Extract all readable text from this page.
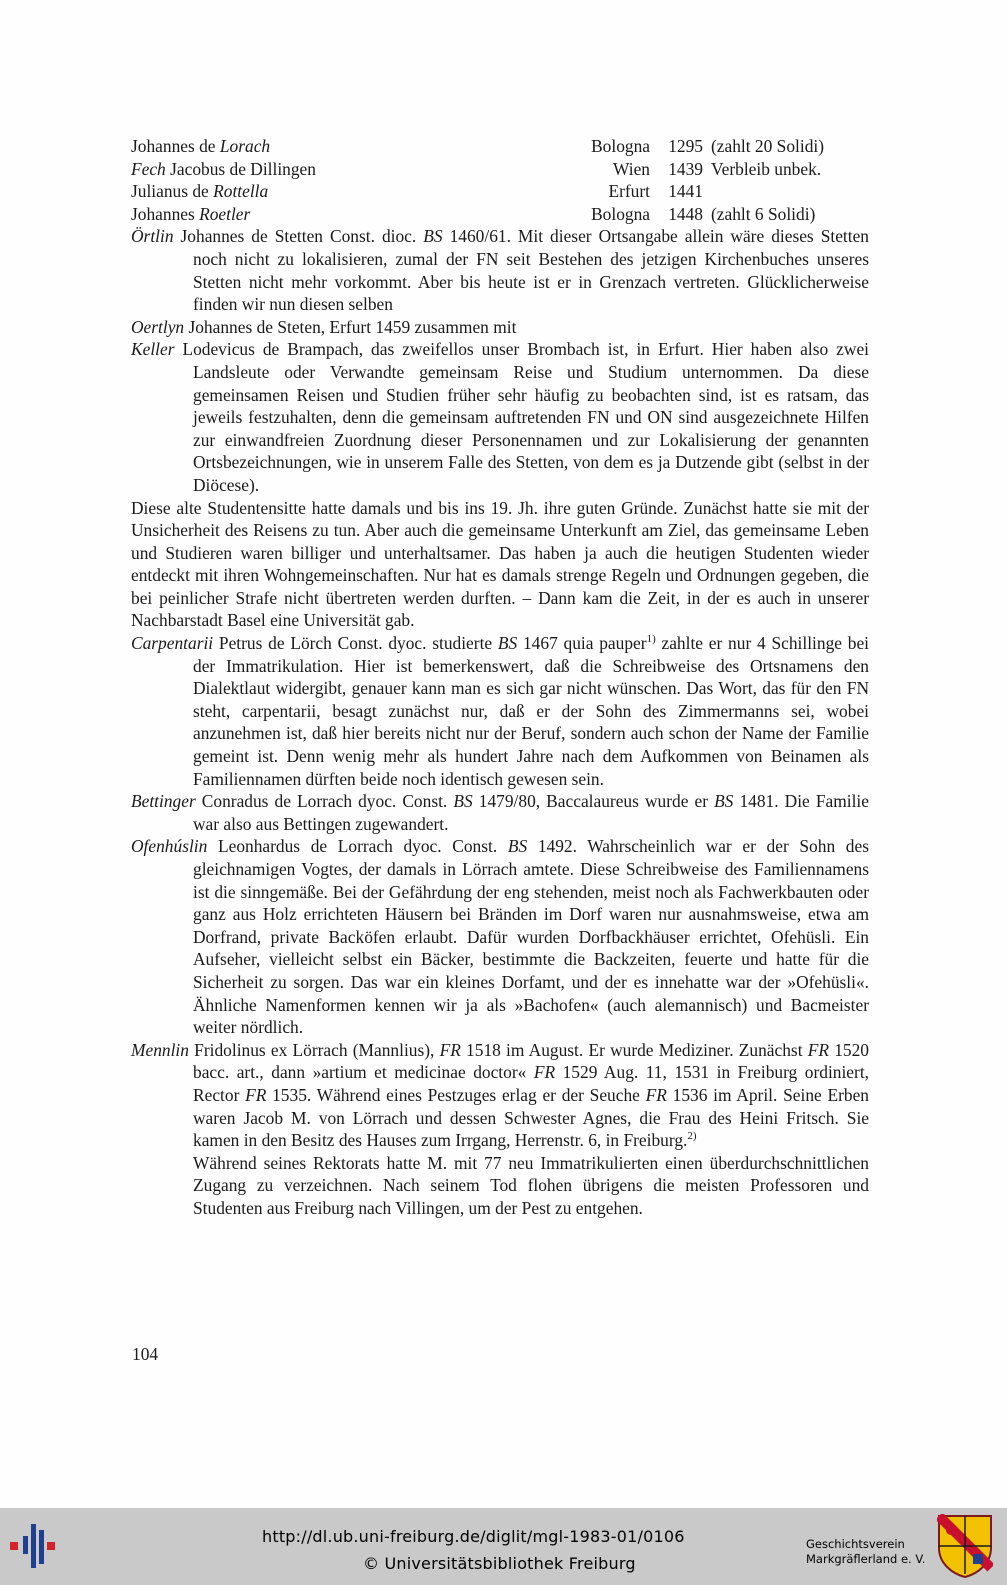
Johannes de Lorach	Bologna	1295 (zahlt 20 Solidi)
Fech Jacobus de Dillingen	Wien	1439 Verbleib unbek.
Julianus de Rottella	Erfurt	1441
Johannes Roetler	Bologna	1448 (zahlt 6 Solidi)

Örtlin Johannes de Stetten Const. dioc. BS 1460/61. Mit dieser Ortsangabe allein wäre dieses Stetten noch nicht zu lokalisieren, zumal der FN seit Bestehen des jetzigen Kirchenbuches unseres Stetten nicht mehr vorkommt. Aber bis heute ist er in Grenzach vertreten. Glücklicherweise finden wir nun diesen selben

Oertlyn Johannes de Steten, Erfurt 1459 zusammen mit

Keller Lodevicus de Brampach, das zweifellos unser Brombach ist, in Erfurt. Hier haben also zwei Landsleute oder Verwandte gemeinsam Reise und Studium unternommen. Da diese gemeinsamen Reisen und Studien früher sehr häufig zu beobachten sind, ist es ratsam, das jeweils festzuhalten, denn die gemeinsam auftretenden FN und ON sind ausgezeichnete Hilfen zur einwandfreien Zuordnung dieser Personennamen und zur Lokalisierung der genannten Ortsbezeichnungen, wie in unserem Falle des Stetten, von dem es ja Dutzende gibt (selbst in der Diöcese).

Diese alte Studentensitte hatte damals und bis ins 19. Jh. ihre guten Gründe. Zunächst hatte sie mit der Unsicherheit des Reisens zu tun. Aber auch die gemeinsame Unterkunft am Ziel, das gemeinsame Leben und Studieren waren billiger und unterhaltsamer. Das haben ja auch die heutigen Studenten wieder entdeckt mit ihren Wohngemeinschaften. Nur hat es damals strenge Regeln und Ordnungen gegeben, die bei peinlicher Strafe nicht übertreten werden durften. – Dann kam die Zeit, in der es auch in unserer Nachbarstadt Basel eine Universität gab.

Carpentarii Petrus de Lörch Const. dyoc. studierte BS 1467 quia pauper$^{1)}$ zahlte er nur 4 Schillinge bei der Immatrikulation. Hier ist bemerkenswert, daß die Schreibweise des Ortsnamens den Dialektlaut widergibt, genauer kann man es sich gar nicht wünschen. Das Wort, das für den FN steht, carpentarii, besagt zunächst nur, daß er der Sohn des Zimmermanns sei, wobei anzunehmen ist, daß hier bereits nicht nur der Beruf, sondern auch schon der Name der Familie gemeint ist. Denn wenig mehr als hundert Jahre nach dem Aufkommen von Beinamen als Familiennamen dürften beide noch identisch gewesen sein.

Bettinger Conradus de Lorrach dyoc. Const. BS 1479/80, Baccalaureus wurde er BS 1481. Die Familie war also aus Bettingen zugewandert.

Ofenhúslin Leonhardus de Lorrach dyoc. Const. BS 1492. Wahrscheinlich war er der Sohn des gleichnamigen Vogtes, der damals in Lörrach amtete. Diese Schreibweise des Familiennamens ist die sinngemäße. Bei der Gefährdung der eng stehenden, meist noch als Fachwerkbauten oder ganz aus Holz errichteten Häusern bei Bränden im Dorf waren nur ausnahmsweise, etwa am Dorfrand, private Backöfen erlaubt. Dafür wurden Dorfbackhäuser errichtet, Ofehüsli. Ein Aufseher, vielleicht selbst ein Bäcker, bestimmte die Backzeiten, feuerte und hatte für die Sicherheit zu sorgen. Das war ein kleines Dorfamt, und der es innehatte war der »Ofehüsli«. Ähnliche Namenformen kennen wir ja als »Bachofen« (auch alemannisch) und Bacmeister weiter nördlich.

Mennlin Fridolinus ex Lörrach (Mannlius), FR 1518 im August. Er wurde Mediziner. Zunächst FR 1520 bacc. art., dann »artium et medicinae doctor« FR 1529 Aug. 11, 1531 in Freiburg ordiniert, Rector FR 1535. Während eines Pestzuges erlag er der Seuche FR 1536 im April. Seine Erben waren Jacob M. von Lörrach und dessen Schwester Agnes, die Frau des Heini Fritsch. Sie kamen in den Besitz des Hauses zum Irrgang, Herrenstr. 6, in Freiburg.$^{2)}$

Während seines Rektorats hatte M. mit 77 neu Immatrikulierten einen überdurchschnittlichen Zugang zu verzeichnen. Nach seinem Tod flohen übrigens die meisten Professoren und Studenten aus Freiburg nach Villingen, um der Pest zu entgehen.

104
http://dl.ub.uni-freiburg.de/diglit/mgl-1983-01/0106
© Universitätsbibliothek Freiburg
Geschichtsverein
Markgräflerland e. V.
